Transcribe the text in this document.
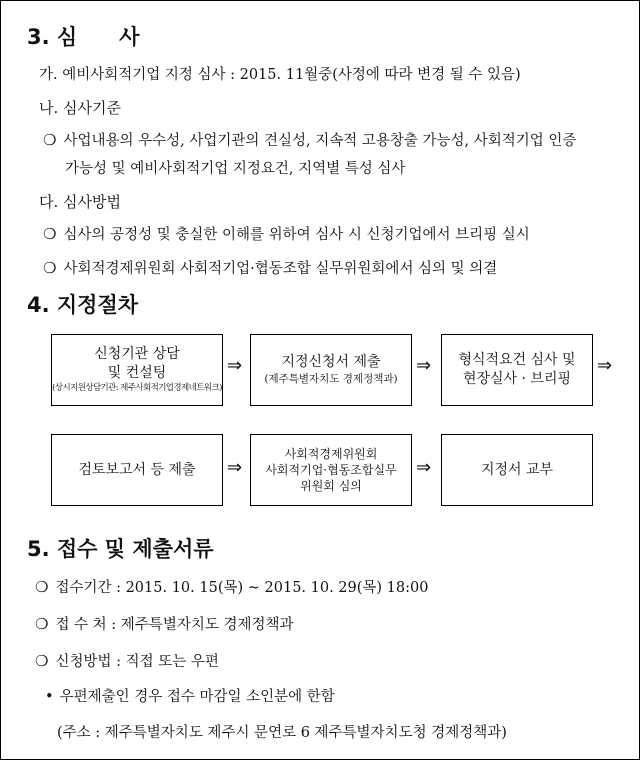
3. 심　　사
가. 예비사회적기업 지정 심사 : 2015. 11월중(사정에 따라 변경 될 수 있음)
나. 심사기준
❍ 사업내용의 우수성, 사업기관의 견실성, 지속적 고용창출 가능성, 사회적기업 인증
가능성 및 예비사회적기업 지정요건, 지역별 특성 심사
다. 심사방법
❍ 심사의 공정성 및 충실한 이해를 위하여 심사 시 신청기업에서 브리핑 실시
❍ 사회적경제위원회 사회적기업·협동조합 실무위원회에서 심의 및 의결
4. 지정절차
신청기관 상담
및 컨설팅
(상시지원상담기관: 제주사회적기업경제네트워크)
⇒	지정신청서 제출
(제주특별자치도 경제정책과)
⇒ 형식적요건 심사 및
현장실사 · 브리핑
⇒
검토보고서 등 제출 ⇒
사회적경제위원회
사회적기업·협동조합실무
위원회 심의
⇒	지정서 교부
5. 접수 및 제출서류
❍ 접수기간 : 2015. 10. 15(목) ~ 2015. 10. 29(목) 18:00
❍ 접 수 처 : 제주특별자치도 경제정책과
❍ 신청방법 : 직접 또는 우편
• 우편제출인 경우 접수 마감일 소인분에 한함
(주소 : 제주특별자치도 제주시 문연로 6 제주특별자치도청 경제정책과)
